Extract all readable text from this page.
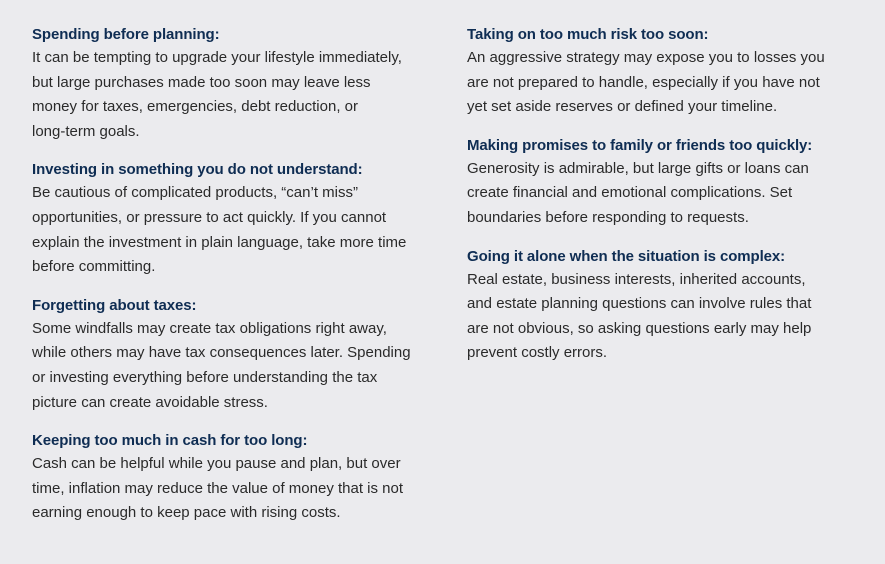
Spending before planning:

It can be tempting to upgrade your lifestyle immediately,
but large purchases made too soon may leave less
money for taxes, emergencies, debt reduction, or
long-term goals.

Investing in something you do not understand:

Be cautious of complicated products, “can’t miss”
opportunities, or pressure to act quickly. If you cannot
explain the investment in plain language, take more time
before committing.

Forgetting about taxes:

Some windfalls may create tax obligations right away,
while others may have tax consequences later. Spending
or investing everything before understanding the tax
picture can create avoidable stress.

Keeping too much in cash for too long:

Cash can be helpful while you pause and plan, but over
time, inflation may reduce the value of money that is not
earning enough to keep pace with rising costs.

Taking on too much risk too soon:

An aggressive strategy may expose you to losses you
are not prepared to handle, especially if you have not
yet set aside reserves or defined your timeline.

Making promises to family or friends too quickly:

Generosity is admirable, but large gifts or loans can
create financial and emotional complications. Set
boundaries before responding to requests.

Going it alone when the situation is complex:

Real estate, business interests, inherited accounts,
and estate planning questions can involve rules that
are not obvious, so asking questions early may help
prevent costly errors.
